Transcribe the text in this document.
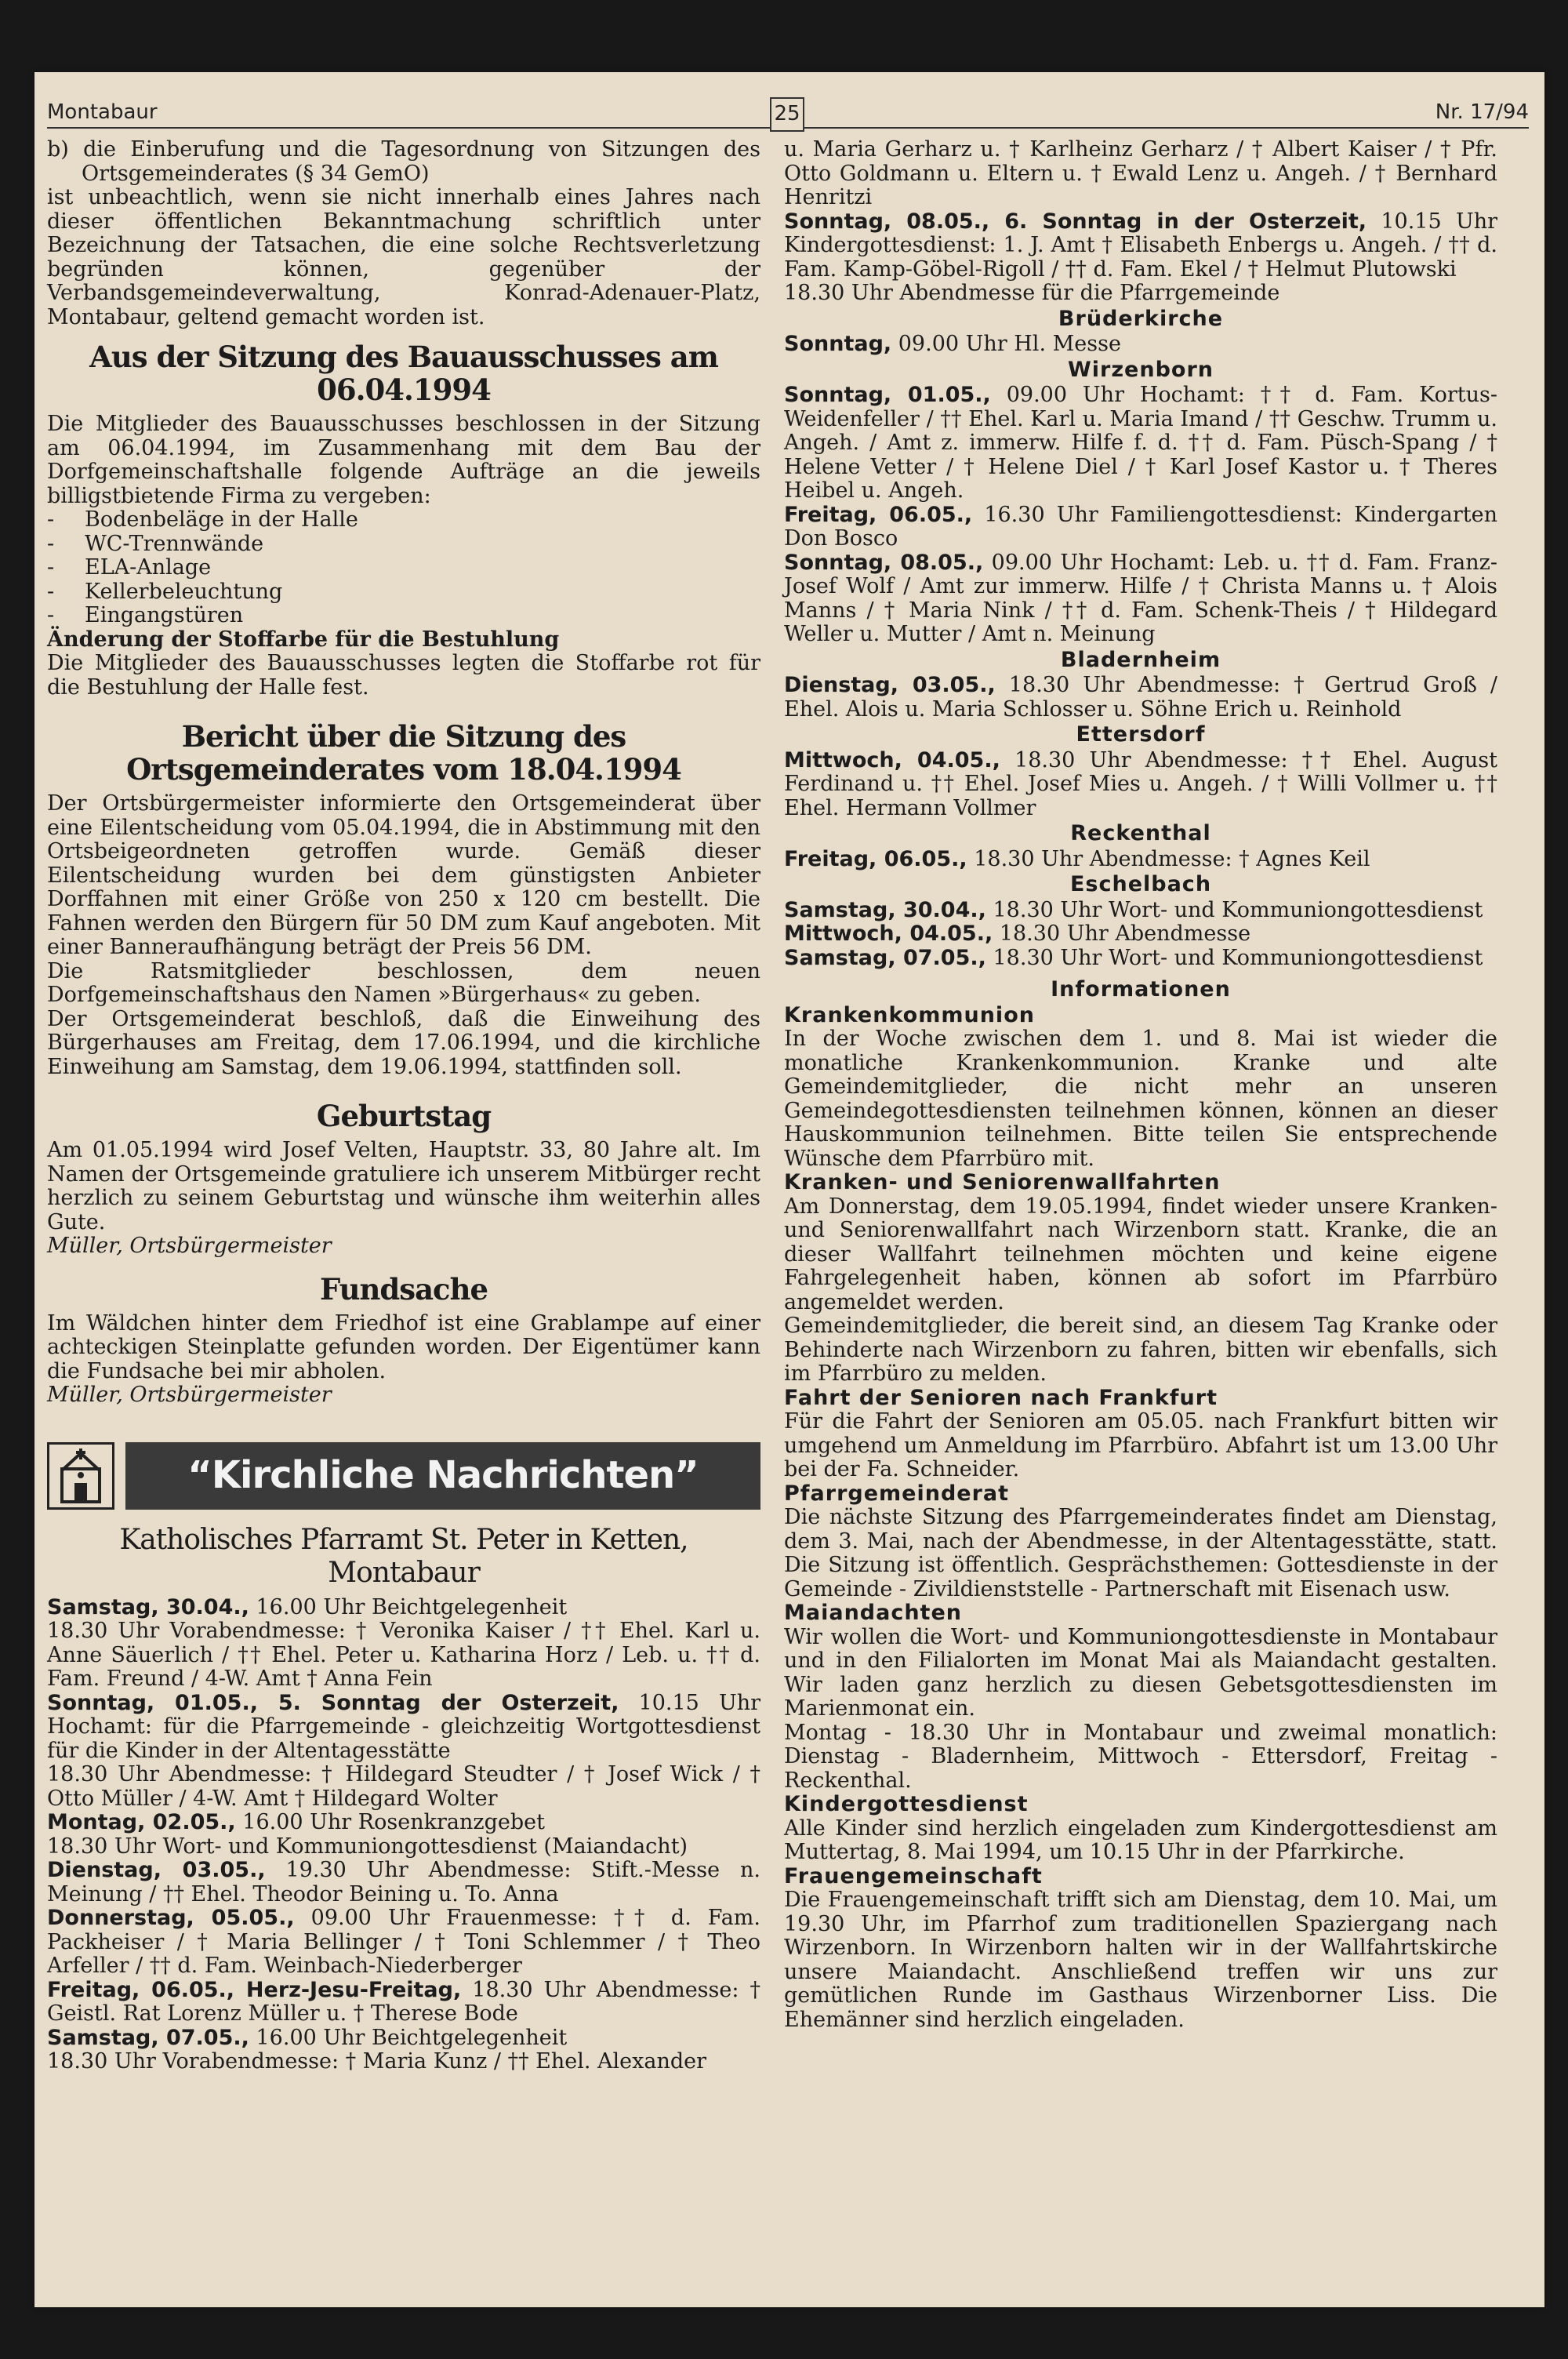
Montabaur	25	Nr. 17/94

b) die Einberufung und die Tagesordnung von Sitzungen des Ortsgemeinderates (§ 34 GemO)

ist unbeachtlich, wenn sie nicht innerhalb eines Jahres nach dieser öffentlichen Bekanntmachung schriftlich unter Bezeichnung der Tatsachen, die eine solche Rechtsverletzung begründen können, gegenüber der Verbandsgemeindeverwaltung, Konrad-Adenauer-Platz, Montabaur, geltend gemacht worden ist.

Aus der Sitzung des Bauausschusses am 06.04.1994

Die Mitglieder des Bauausschusses beschlossen in der Sitzung am 06.04.1994, im Zusammenhang mit dem Bau der Dorfgemeinschaftshalle folgende Aufträge an die jeweils billigstbietende Firma zu vergeben:

- Bodenbeläge in der Halle
- WC-Trennwände
- ELA-Anlage
- Kellerbeleuchtung
- Eingangstüren

Änderung der Stoffarbe für die Bestuhlung

Die Mitglieder des Bauausschusses legten die Stoffarbe rot für die Bestuhlung der Halle fest.

Bericht über die Sitzung des Ortsgemeinderates vom 18.04.1994

Der Ortsbürgermeister informierte den Ortsgemeinderat über eine Eilentscheidung vom 05.04.1994, die in Abstimmung mit den Ortsbeigeordneten getroffen wurde. Gemäß dieser Eilentscheidung wurden bei dem günstigsten Anbieter Dorffahnen mit einer Größe von 250 x 120 cm bestellt. Die Fahnen werden den Bürgern für 50 DM zum Kauf angeboten. Mit einer Banneraufhängung beträgt der Preis 56 DM.

Die Ratsmitglieder beschlossen, dem neuen Dorfgemeinschaftshaus den Namen »Bürgerhaus« zu geben.

Der Ortsgemeinderat beschloß, daß die Einweihung des Bürgerhauses am Freitag, dem 17.06.1994, und die kirchliche Einweihung am Samstag, dem 19.06.1994, stattfinden soll.

Geburtstag

Am 01.05.1994 wird Josef Velten, Hauptstr. 33, 80 Jahre alt. Im Namen der Ortsgemeinde gratuliere ich unserem Mitbürger recht herzlich zu seinem Geburtstag und wünsche ihm weiterhin alles Gute.

Müller, Ortsbürgermeister

Fundsache

Im Wäldchen hinter dem Friedhof ist eine Grablampe auf einer achteckigen Steinplatte gefunden worden. Der Eigentümer kann die Fundsache bei mir abholen.

Müller, Ortsbürgermeister

“Kirchliche Nachrichten”
Katholisches Pfarramt St. Peter in Ketten, Montabaur

Samstag, 30.04., 16.00 Uhr Beichtgelegenheit

18.30 Uhr Vorabendmesse: † Veronika Kaiser / †† Ehel. Karl u. Anne Säuerlich / †† Ehel. Peter u. Katharina Horz / Leb. u. †† d. Fam. Freund / 4-W. Amt † Anna Fein

Sonntag, 01.05., 5. Sonntag der Osterzeit, 10.15 Uhr Hochamt: für die Pfarrgemeinde - gleichzeitig Wortgottesdienst für die Kinder in der Altentagesstätte

18.30 Uhr Abendmesse: † Hildegard Steudter / † Josef Wick / † Otto Müller / 4-W. Amt † Hildegard Wolter

Montag, 02.05., 16.00 Uhr Rosenkranzgebet

18.30 Uhr Wort- und Kommuniongottesdienst (Maiandacht)

Dienstag, 03.05., 19.30 Uhr Abendmesse: Stift.-Messe n. Meinung / †† Ehel. Theodor Beining u. To. Anna

Donnerstag, 05.05., 09.00 Uhr Frauenmesse: †† d. Fam. Packheiser / † Maria Bellinger / † Toni Schlemmer / † Theo Arfeller / †† d. Fam. Weinbach-Niederberger

Freitag, 06.05., Herz-Jesu-Freitag, 18.30 Uhr Abendmesse: † Geistl. Rat Lorenz Müller u. † Therese Bode

Samstag, 07.05., 16.00 Uhr Beichtgelegenheit

18.30 Uhr Vorabendmesse: † Maria Kunz / †† Ehel. Alexander

u. Maria Gerharz u. † Karlheinz Gerharz / † Albert Kaiser / † Pfr. Otto Goldmann u. Eltern u. † Ewald Lenz u. Angeh. / † Bernhard Henritzi

Sonntag, 08.05., 6. Sonntag in der Osterzeit, 10.15 Uhr Kindergottesdienst: 1. J. Amt † Elisabeth Enbergs u. Angeh. / †† d. Fam. Kamp-Göbel-Rigoll / †† d. Fam. Ekel / † Helmut Plutowski

18.30 Uhr Abendmesse für die Pfarrgemeinde

Brüderkirche

Sonntag, 09.00 Uhr Hl. Messe

Wirzenborn

Sonntag, 01.05., 09.00 Uhr Hochamt: †† d. Fam. Kortus-Weidenfeller / †† Ehel. Karl u. Maria Imand / †† Geschw. Trumm u. Angeh. / Amt z. immerw. Hilfe f. d. †† d. Fam. Püsch-Spang / † Helene Vetter / † Helene Diel / † Karl Josef Kastor u. † Theres Heibel u. Angeh.

Freitag, 06.05., 16.30 Uhr Familiengottesdienst: Kindergarten Don Bosco

Sonntag, 08.05., 09.00 Uhr Hochamt: Leb. u. †† d. Fam. Franz-Josef Wolf / Amt zur immerw. Hilfe / † Christa Manns u. † Alois Manns / † Maria Nink / †† d. Fam. Schenk-Theis / † Hildegard Weller u. Mutter / Amt n. Meinung

Bladernheim

Dienstag, 03.05., 18.30 Uhr Abendmesse: † Gertrud Groß / Ehel. Alois u. Maria Schlosser u. Söhne Erich u. Reinhold

Ettersdorf

Mittwoch, 04.05., 18.30 Uhr Abendmesse: †† Ehel. August Ferdinand u. †† Ehel. Josef Mies u. Angeh. / † Willi Vollmer u. †† Ehel. Hermann Vollmer

Reckenthal

Freitag, 06.05., 18.30 Uhr Abendmesse: † Agnes Keil

Eschelbach

Samstag, 30.04., 18.30 Uhr Wort- und Kommuniongottesdienst

Mittwoch, 04.05., 18.30 Uhr Abendmesse

Samstag, 07.05., 18.30 Uhr Wort- und Kommuniongottesdienst

Informationen

Krankenkommunion

In der Woche zwischen dem 1. und 8. Mai ist wieder die monatliche Krankenkommunion. Kranke und alte Gemeindemitglieder, die nicht mehr an unseren Gemeindegottesdiensten teilnehmen können, können an dieser Hauskommunion teilnehmen. Bitte teilen Sie entsprechende Wünsche dem Pfarrbüro mit.

Kranken- und Seniorenwallfahrten

Am Donnerstag, dem 19.05.1994, findet wieder unsere Kranken- und Seniorenwallfahrt nach Wirzenborn statt. Kranke, die an dieser Wallfahrt teilnehmen möchten und keine eigene Fahrgelegenheit haben, können ab sofort im Pfarrbüro angemeldet werden.

Gemeindemitglieder, die bereit sind, an diesem Tag Kranke oder Behinderte nach Wirzenborn zu fahren, bitten wir ebenfalls, sich im Pfarrbüro zu melden.

Fahrt der Senioren nach Frankfurt

Für die Fahrt der Senioren am 05.05. nach Frankfurt bitten wir umgehend um Anmeldung im Pfarrbüro. Abfahrt ist um 13.00 Uhr bei der Fa. Schneider.

Pfarrgemeinderat

Die nächste Sitzung des Pfarrgemeinderates findet am Dienstag, dem 3. Mai, nach der Abendmesse, in der Altentagesstätte, statt. Die Sitzung ist öffentlich. Gesprächsthemen: Gottesdienste in der Gemeinde - Zivildienststelle - Partnerschaft mit Eisenach usw.

Maiandachten

Wir wollen die Wort- und Kommuniongottesdienste in Montabaur und in den Filialorten im Monat Mai als Maiandacht gestalten. Wir laden ganz herzlich zu diesen Gebetsgottesdiensten im Marienmonat ein.

Montag - 18.30 Uhr in Montabaur und zweimal monatlich: Dienstag - Bladernheim, Mittwoch - Ettersdorf, Freitag - Reckenthal.

Kindergottesdienst

Alle Kinder sind herzlich eingeladen zum Kindergottesdienst am Muttertag, 8. Mai 1994, um 10.15 Uhr in der Pfarrkirche.

Frauengemeinschaft

Die Frauengemeinschaft trifft sich am Dienstag, dem 10. Mai, um 19.30 Uhr, im Pfarrhof zum traditionellen Spaziergang nach Wirzenborn. In Wirzenborn halten wir in der Wallfahrtskirche unsere Maiandacht. Anschließend treffen wir uns zur gemütlichen Runde im Gasthaus Wirzenborner Liss. Die Ehemänner sind herzlich eingeladen.
